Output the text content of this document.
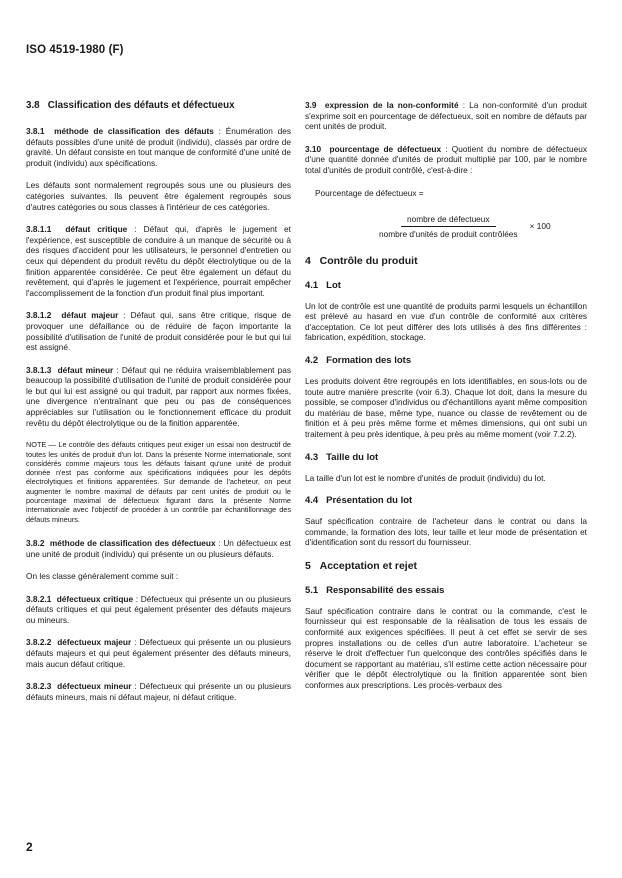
ISO 4519-1980 (F)
3.8 Classification des défauts et défectueux

3.8.1 méthode de classification des défauts : Énumération des défauts possibles d'une unité de produit (individu), classés par ordre de gravité. Un défaut consiste en tout manque de conformité d'une unité de produit (individu) aux spécifications.

Les défauts sont normalement regroupés sous une ou plusieurs des catégories suivantes. Ils peuvent être également regroupés sous d'autres catégories ou sous classes à l'intérieur de ces catégories.

3.8.1.1 défaut critique : Défaut qui, d'après le jugement et l'expérience, est susceptible de conduire à un manque de sécurité ou à des risques d'accident pour les utilisateurs, le personnel d'entretien ou ceux qui dépendent du produit revêtu du dépôt électrolytique ou de la finition apparentée considérée. Ce peut être également un défaut du revêtement, qui d'après le jugement et l'expérience, pourrait empêcher l'accomplissement de la fonction d'un produit final plus important.

3.8.1.2 défaut majeur : Défaut qui, sans être critique, risque de provoquer une défaillance ou de réduire de façon importante la possibilité d'utilisation de l'unité de produit considérée pour le but qui lui est assigné.

3.8.1.3 défaut mineur : Défaut qui ne réduira vraisemblablement pas beaucoup la possibilité d'utilisation de l'unité de produit considérée pour le but qui lui est assigné ou qui traduit, par rapport aux normes fixées, une divergence n'entraînant que peu ou pas de conséquences appréciables sur l'utilisation ou le fonctionnement efficace du produit revêtu du dépôt électrolytique ou de la finition apparentée.

NOTE — Le contrôle des défauts critiques peut exiger un essai non destructif de toutes les unités de produit d'un lot. Dans la présente Norme internationale, sont considérés comme majeurs tous les défauts faisant qu'une unité de produit donnée n'est pas conforme aux spécifications indiquées pour les dépôts électrolytiques et finitions apparentées. Sur demande de l'acheteur, on peut augmenter le nombre maximal de défauts par cent unités de produit ou le pourcentage maximal de défectueux figurant dans la présente Norme internationale avec l'objectif de procéder à un contrôle par échantillonnage des défauts mineurs.

3.8.2 méthode de classification des défectueux : Un défectueux est une unité de produit (individu) qui présente un ou plusieurs défauts.

On les classe généralement comme suit :

3.8.2.1 défectueux critique : Défectueux qui présente un ou plusieurs défauts critiques et qui peut également présenter des défauts majeurs ou mineurs.

3.8.2.2 défectueux majeur : Défectueux qui présente un ou plusieurs défauts majeurs et qui peut également présenter des défauts mineurs, mais aucun défaut critique.

3.8.2.3 défectueux mineur : Défectueux qui présente un ou plusieurs défauts mineurs, mais ni défaut majeur, ni défaut critique.

3.9 expression de la non-conformité : La non-conformité d'un produit s'exprime soit en pourcentage de défectueux, soit en nombre de défauts par cent unités de produit.

3.10 pourcentage de défectueux : Quotient du nombre de défectueux d'une quantité donnée d'unités de produit multiplié par 100, par le nombre total d'unités de produit contrôlé, c'est-à-dire :

Pourcentage de défectueux =
$\frac{\text{nombre de défectueux}}{\text{nombre d'unités de produit contrôlées}} \times 100$
4 Contrôle du produit
4.1 Lot

Un lot de contrôle est une quantité de produits parmi lesquels un échantillon est prélevé au hasard en vue d'un contrôle de conformité aux critères d'acceptation. Ce lot peut différer des lots utilisés à des fins différentes : fabrication, expédition, stockage.

4.2 Formation des lots

Les produits doivent être regroupés en lots identifiables, en sous-lots ou de toute autre manière prescrite (voir 6.3). Chaque lot doit, dans la mesure du possible, se composer d'individus ou d'échantillons ayant même composition du matériau de base, même type, nuance ou classe de revêtement ou de finition et à peu près même forme et mêmes dimensions, qui ont subi un traitement à peu près identique, à peu près au même moment (voir 7.2.2).

4.3 Taille du lot

La taille d'un lot est le nombre d'unités de produit (individu) du lot.

4.4 Présentation du lot

Sauf spécification contraire de l'acheteur dans le contrat ou dans la commande, la formation des lots, leur taille et leur mode de présentation et d'identification sont du ressort du fournisseur.

5 Acceptation et rejet
5.1 Responsabilité des essais

Sauf spécification contraire dans le contrat ou la commande, c'est le fournisseur qui est responsable de la réalisation de tous les essais de conformité aux exigences spécifiées. Il peut à cet effet se servir de ses propres installations ou de celles d'un autre laboratoire. L'acheteur se réserve le droit d'effectuer l'un quelconque des contrôles spécifiés dans le document se rapportant au matériau, s'il estime cette action nécessaire pour vérifier que le dépôt électrolytique ou la finition apparentée sont bien conformes aux prescriptions. Les procès-verbaux des

2
